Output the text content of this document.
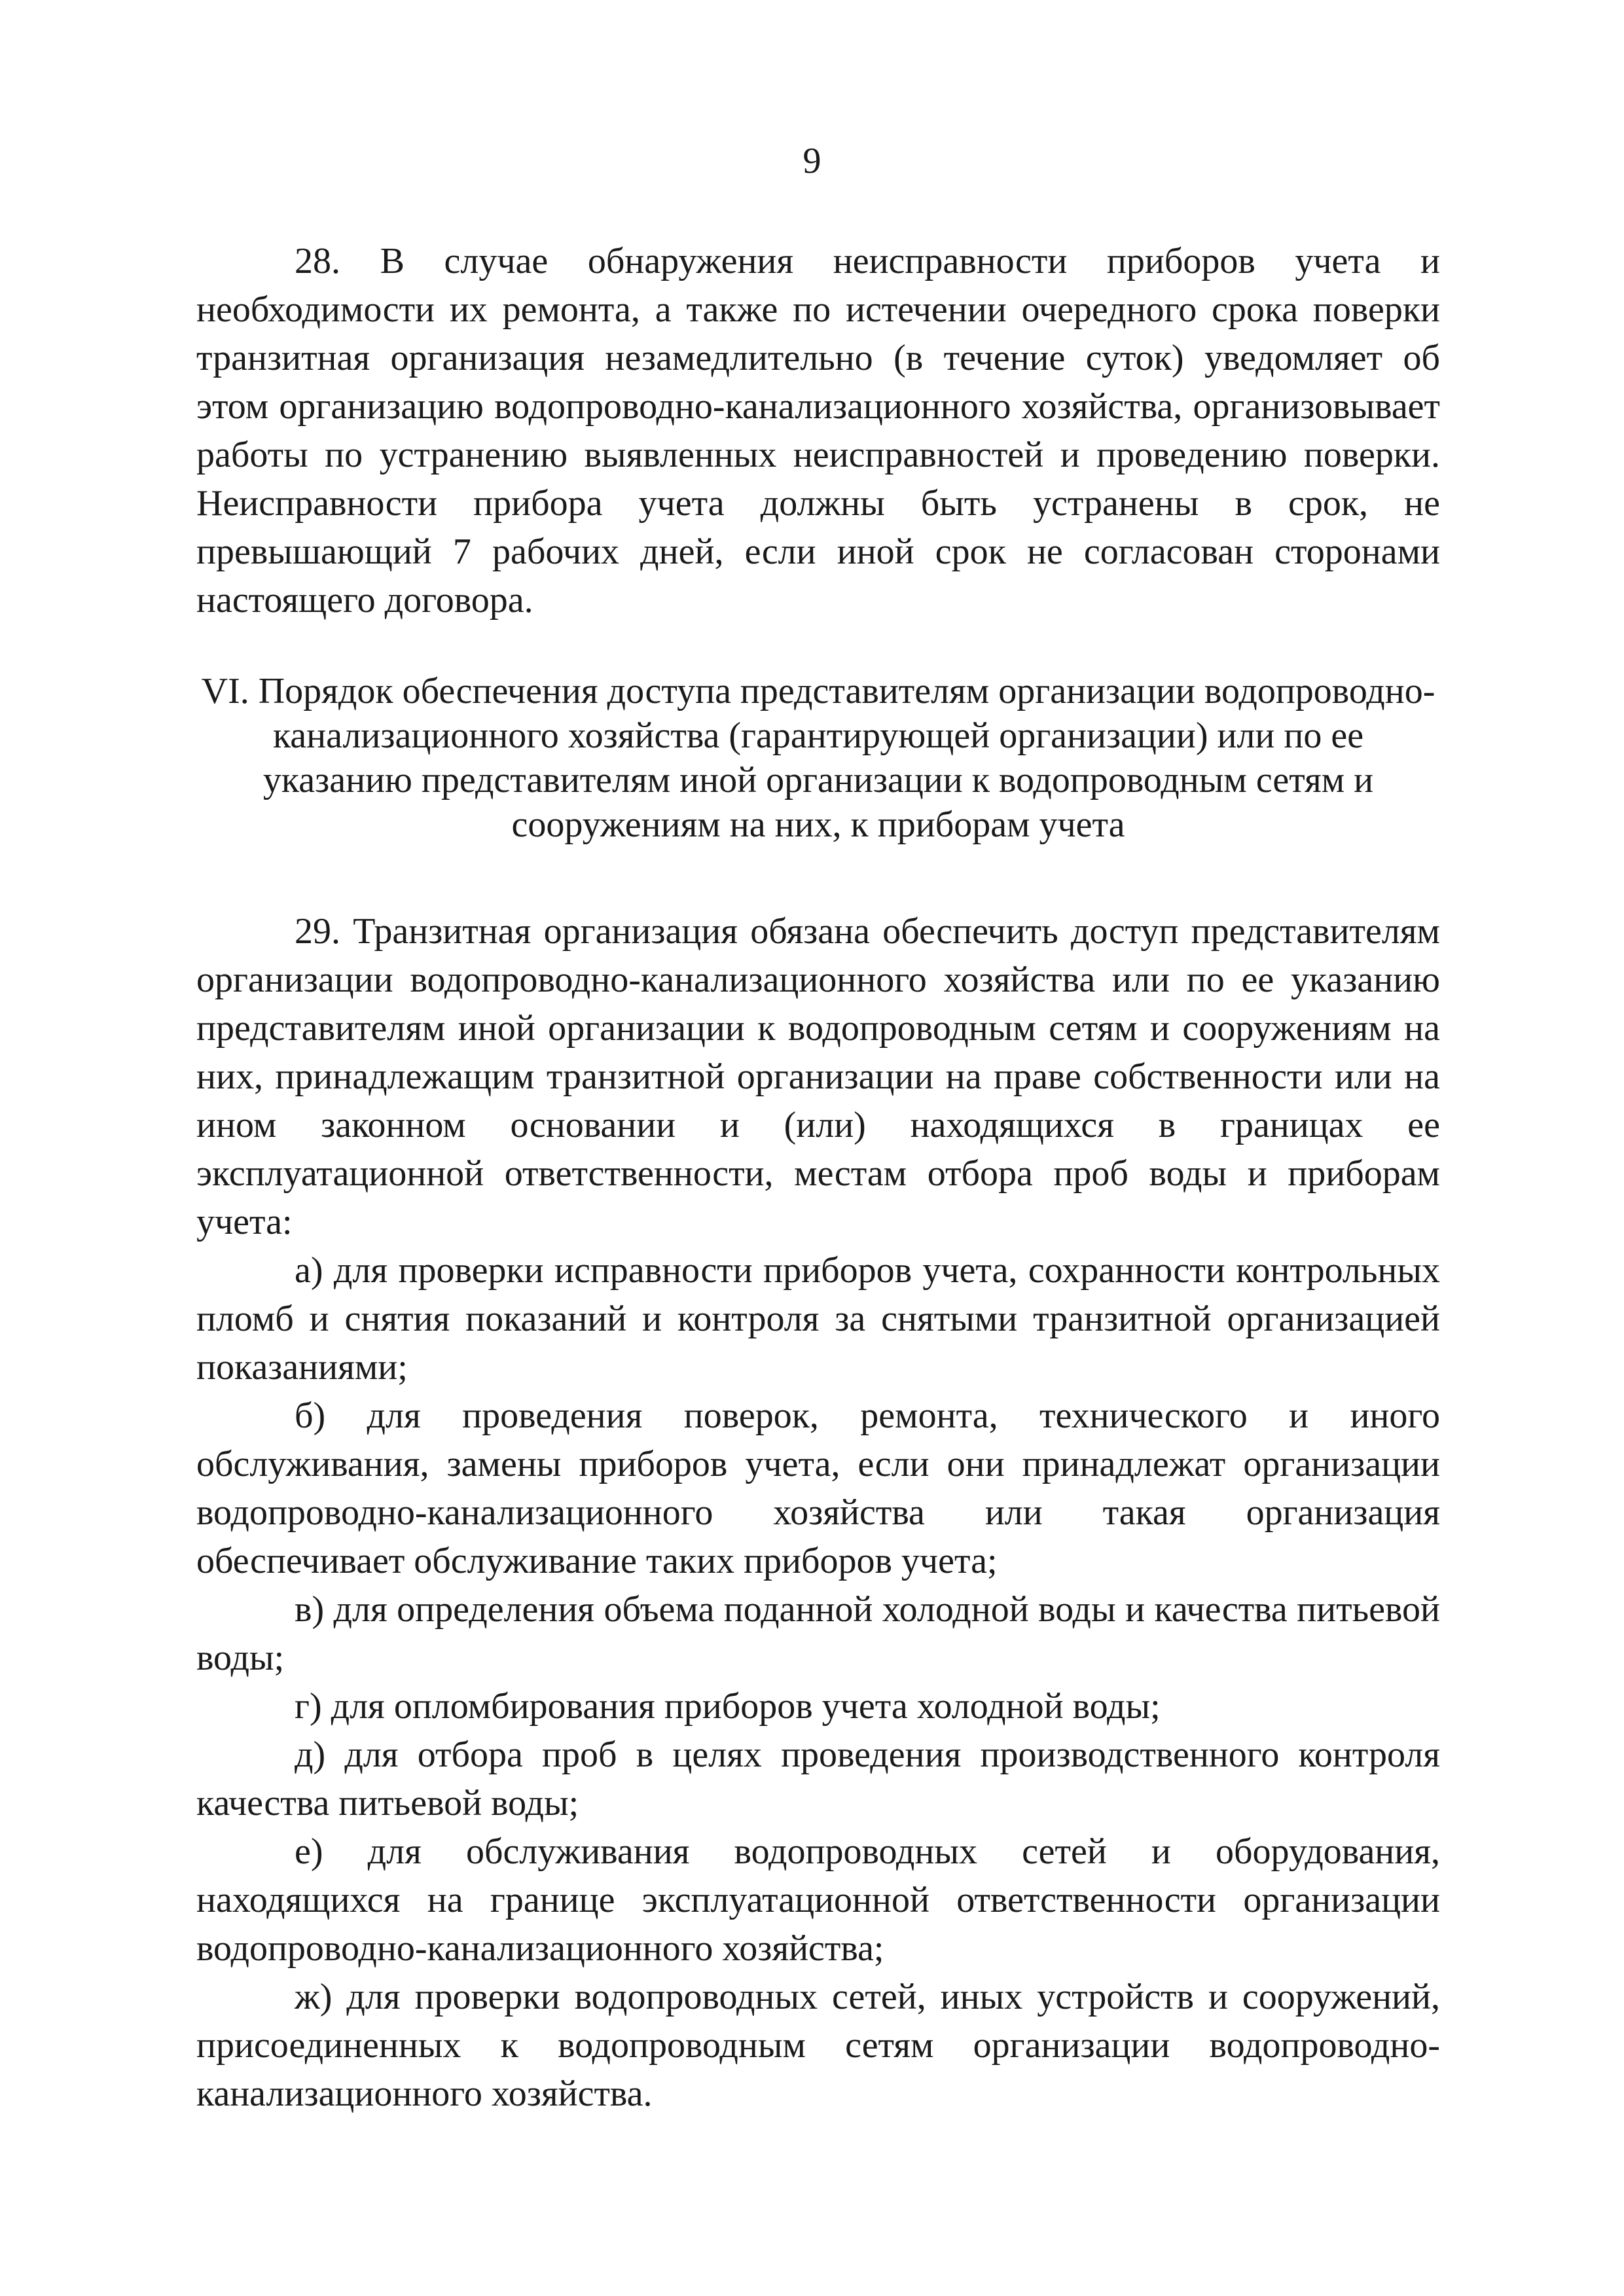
9

28. В случае обнаружения неисправности приборов учета и необходимости их ремонта, а также по истечении очередного срока поверки транзитная организация незамедлительно (в течение суток) уведомляет об этом организацию водопроводно-канализационного хозяйства, организовывает работы по устранению выявленных неисправностей и проведению поверки. Неисправности прибора учета должны быть устранены в срок, не превышающий 7 рабочих дней, если иной срок не согласован сторонами настоящего договора.

VI. Порядок обеспечения доступа представителям организации водопроводно-канализационного хозяйства (гарантирующей организации) или по ее указанию представителям иной организации к водопроводным сетям и сооружениям на них, к приборам учета

29. Транзитная организация обязана обеспечить доступ представителям организации водопроводно-канализационного хозяйства или по ее указанию представителям иной организации к водопроводным сетям и сооружениям на них, принадлежащим транзитной организации на праве собственности или на ином законном основании и (или) находящихся в границах ее эксплуатационной ответственности, местам отбора проб воды и приборам учета:

а) для проверки исправности приборов учета, сохранности контрольных пломб и снятия показаний и контроля за снятыми транзитной организацией показаниями;

б) для проведения поверок, ремонта, технического и иного обслуживания, замены приборов учета, если они принадлежат организации водопроводно-канализационного хозяйства или такая организация обеспечивает обслуживание таких приборов учета;

в) для определения объема поданной холодной воды и качества питьевой воды;

г) для опломбирования приборов учета холодной воды;

д) для отбора проб в целях проведения производственного контроля качества питьевой воды;

е) для обслуживания водопроводных сетей и оборудования, находящихся на границе эксплуатационной ответственности организации водопроводно-канализационного хозяйства;

ж) для проверки водопроводных сетей, иных устройств и сооружений, присоединенных к водопроводным сетям организации водопроводно-канализационного хозяйства.
